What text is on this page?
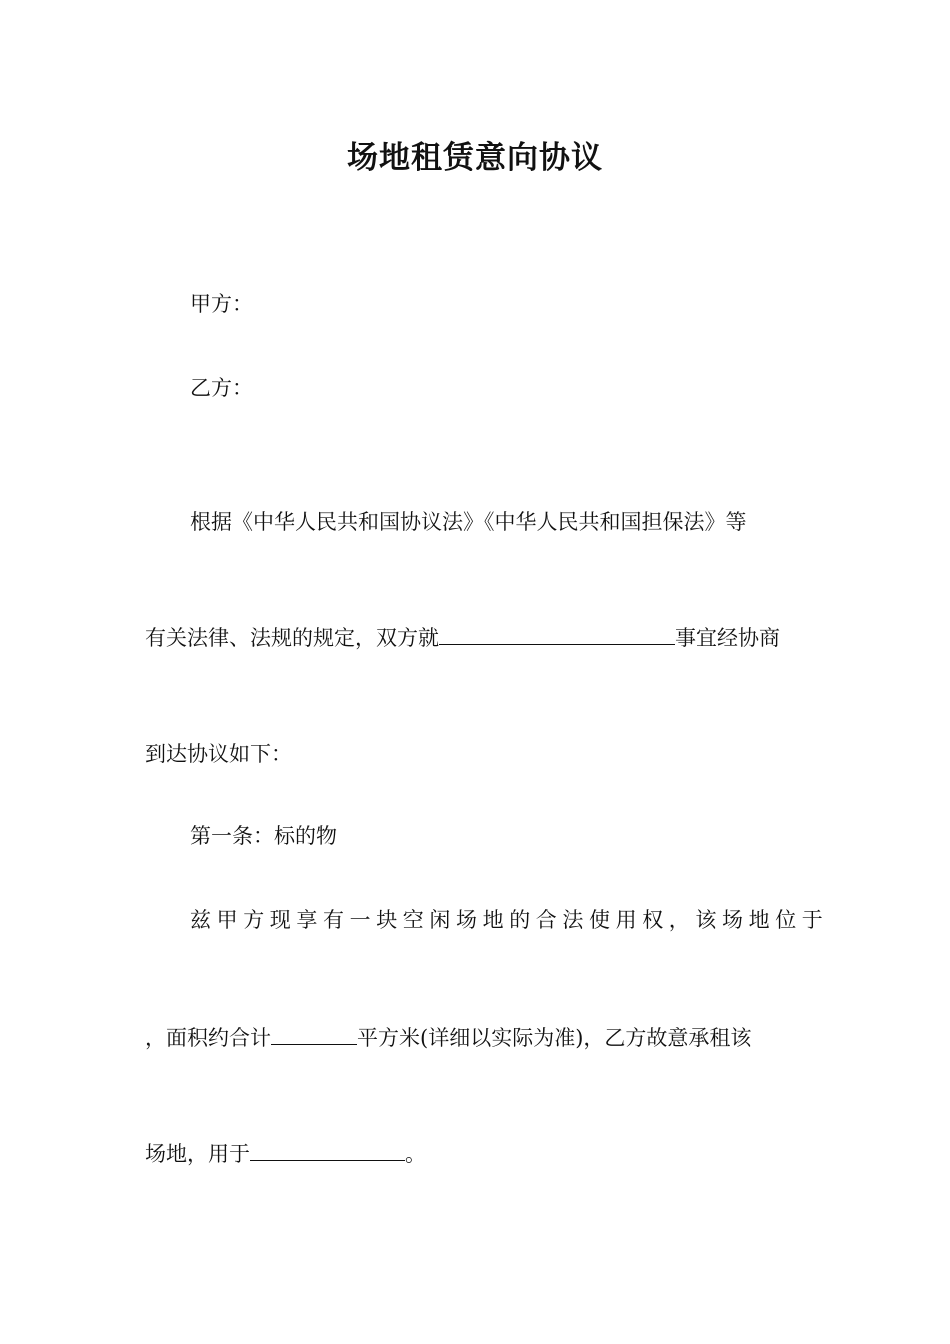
场地租赁意向协议
甲方：
乙方：
根据《中华人民共和国协议法》《中华人民共和国担保法》等
有关法律、法规的规定，双方就	事宜经协商
到达协议如下：
第一条：标的物
兹甲方现享有一块空闲场地的合法使用权，该场地位于
，面积约合计	平方米(详细以实际为准)，乙方故意承租该
场地，用于	。
